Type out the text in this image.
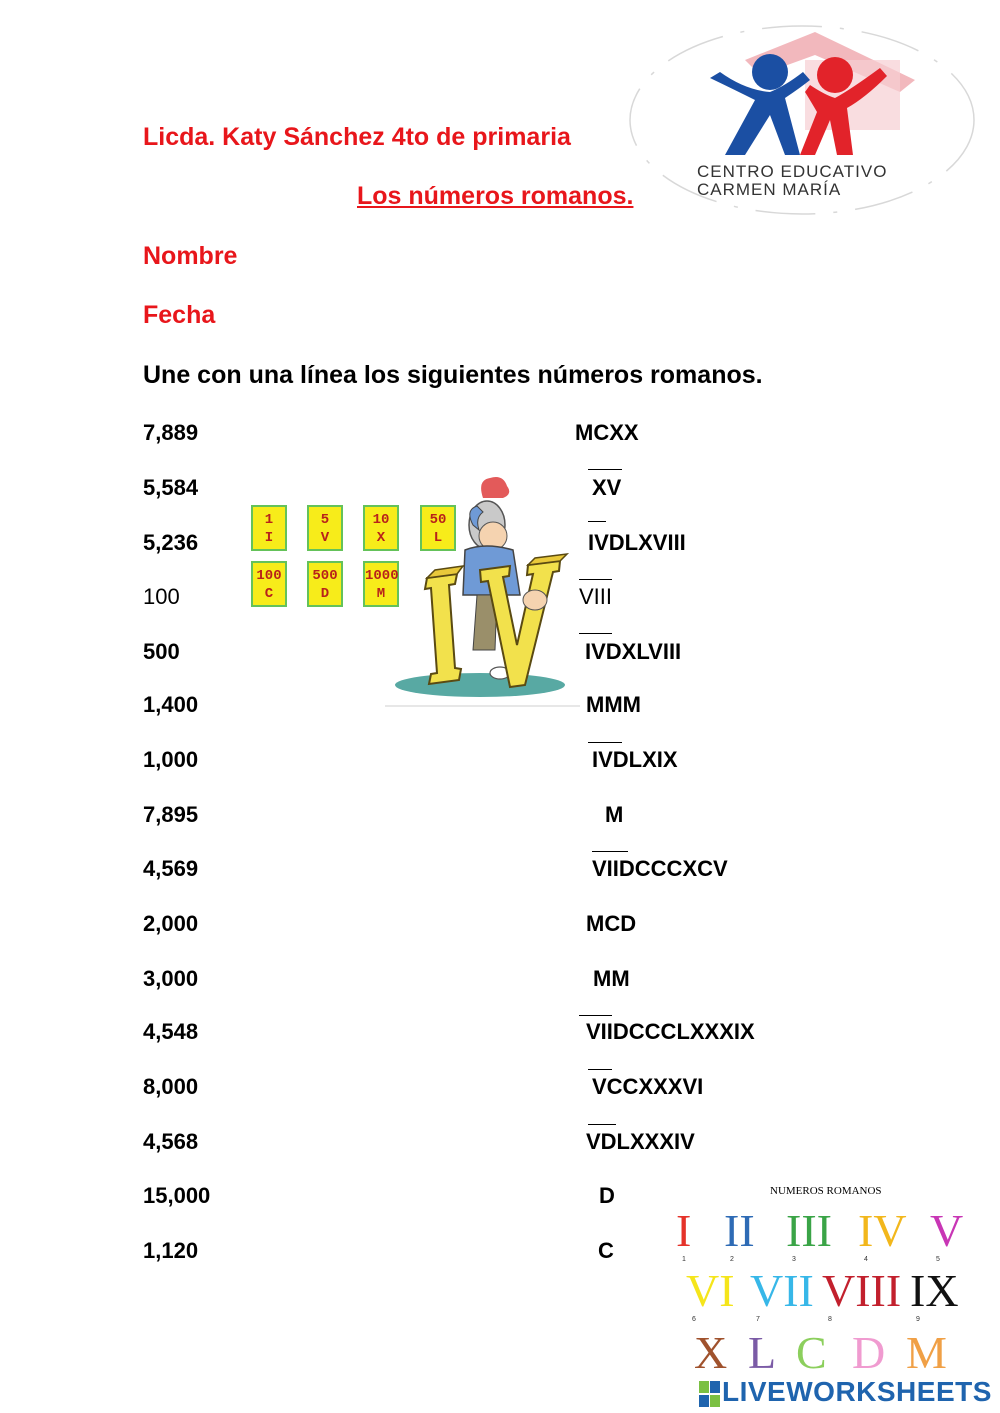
Licda. Katy Sánchez 4to de primaria
Los números romanos.
Nombre
Fecha
Une con una línea los siguientes números romanos.
CENTRO EDUCATIVO
CARMEN MARÍA
7,889
5,584
5,236
100
500
1,400
1,000
7,895
4,569
2,000
3,000
4,548
8,000
4,568
15,000
1,120
MCXX
XV
IVDLXVIII
VIII
IVDXLVIII
MMM
IVDLXIX
M
VIIDCCCXCV
MCD
MM
VIIDCCCLXXXIX
VCCXXXVI
VDLXXXIV
D
C
1
I
5
V
10
X
50
L
100
C
500
D
1000
M
NUMEROS ROMANOS
I
1
II
2
III
3
IV
4
V
5
VI
6
VII
7
VIII
8
IX
9
X L C D M
LIVEWORKSHEETS
